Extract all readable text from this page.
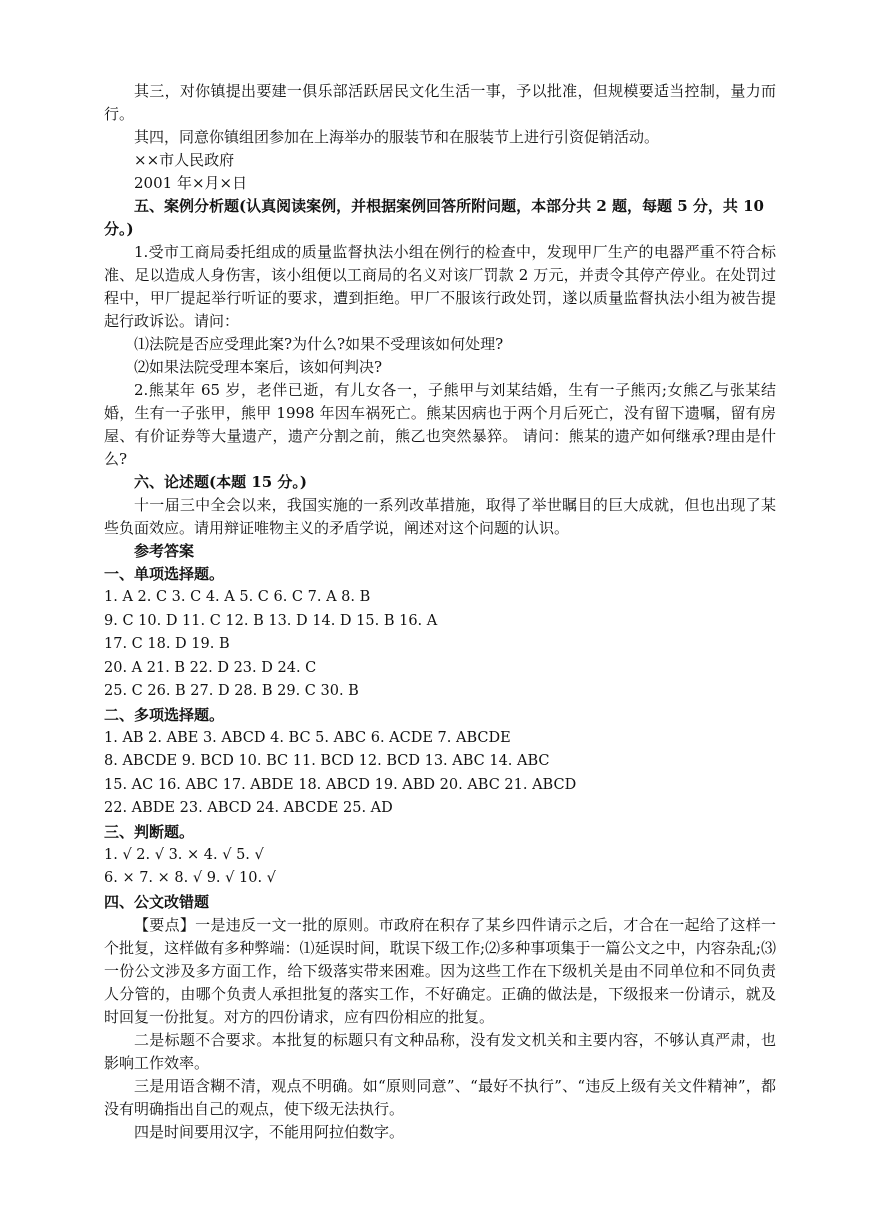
其三，对你镇提出要建一俱乐部活跃居民文化生活一事，予以批准，但规模要适当控制，量力而行。

其四，同意你镇组团参加在上海举办的服装节和在服装节上进行引资促销活动。

××市人民政府

2001 年×月×日

五、案例分析题(认真阅读案例，并根据案例回答所附问题，本部分共 2 题，每题 5 分，共 10 分。)

1.受市工商局委托组成的质量监督执法小组在例行的检查中，发现甲厂生产的电器严重不符合标准、足以造成人身伤害，该小组便以工商局的名义对该厂罚款 2 万元，并责令其停产停业。在处罚过程中，甲厂提起举行听证的要求，遭到拒绝。甲厂不服该行政处罚，遂以质量监督执法小组为被告提起行政诉讼。请问：

⑴法院是否应受理此案?为什么?如果不受理该如何处理?

⑵如果法院受理本案后，该如何判决?

2.熊某年 65 岁，老伴已逝，有儿女各一，子熊甲与刘某结婚，生有一子熊丙;女熊乙与张某结婚，生有一子张甲，熊甲 1998 年因车祸死亡。熊某因病也于两个月后死亡，没有留下遗嘱，留有房屋、有价证券等大量遗产，遗产分割之前，熊乙也突然暴猝。 请问：熊某的遗产如何继承?理由是什么?

六、论述题(本题 15 分。)

十一届三中全会以来，我国实施的一系列改革措施，取得了举世瞩目的巨大成就，但也出现了某些负面效应。请用辩证唯物主义的矛盾学说，阐述对这个问题的认识。

参考答案

一、单项选择题。

1. A 2. C 3. C 4. A 5. C 6. C 7. A 8. B

9. C 10. D 11. C 12. B 13. D 14. D 15. B 16. A

17. C 18. D 19. B

20. A 21. B 22. D 23. D 24. C

25. C 26. B 27. D 28. B 29. C 30. B

二、多项选择题。

1. AB 2. ABE 3. ABCD 4. BC 5. ABC 6. ACDE 7. ABCDE

8. ABCDE 9. BCD 10. BC 11. BCD 12. BCD 13. ABC 14. ABC

15. AC 16. ABC 17. ABDE 18. ABCD 19. ABD 20. ABC 21. ABCD

22. ABDE 23. ABCD 24. ABCDE 25. AD

三、判断题。

1. √ 2. √ 3. × 4. √ 5. √

6. × 7. × 8. √ 9. √ 10. √

四、公文改错题

【要点】一是违反一文一批的原则。市政府在积存了某乡四件请示之后，才合在一起给了这样一个批复，这样做有多种弊端：⑴延误时间，耽误下级工作;⑵多种事项集于一篇公文之中，内容杂乱;⑶一份公文涉及多方面工作，给下级落实带来困难。因为这些工作在下级机关是由不同单位和不同负责人分管的，由哪个负责人承担批复的落实工作，不好确定。正确的做法是，下级报来一份请示，就及时回复一份批复。对方的四份请求，应有四份相应的批复。

二是标题不合要求。本批复的标题只有文种品称，没有发文机关和主要内容，不够认真严肃，也影响工作效率。

三是用语含糊不清，观点不明确。如“原则同意”、“最好不执行”、“违反上级有关文件精神”，都没有明确指出自己的观点，使下级无法执行。

四是时间要用汉字，不能用阿拉伯数字。
